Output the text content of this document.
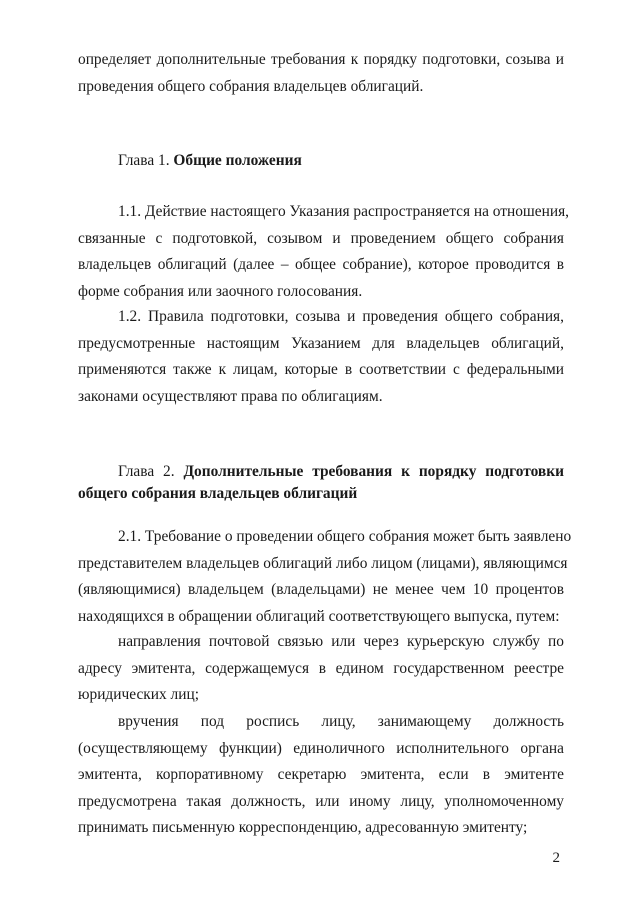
определяет дополнительные требования к порядку подготовки, созыва и
проведения общего собрания владельцев облигаций.
Глава 1. Общие положения
1.1. Действие настоящего Указания распространяется на отношения,
связанные с подготовкой, созывом и проведением общего собрания
владельцев облигаций (далее – общее собрание), которое проводится в
форме собрания или заочного голосования.
1.2. Правила подготовки, созыва и проведения общего собрания,
предусмотренные настоящим Указанием для владельцев облигаций,
применяются также к лицам, которые в соответствии с федеральными
законами осуществляют права по облигациям.
Глава 2. Дополнительные требования к порядку подготовки
общего собрания владельцев облигаций
2.1. Требование о проведении общего собрания может быть заявлено
представителем владельцев облигаций либо лицом (лицами), являющимся
(являющимися) владельцем (владельцами) не менее чем 10 процентов
находящихся в обращении облигаций соответствующего выпуска, путем:
направления почтовой связью или через курьерскую службу по
адресу эмитента, содержащемуся в едином государственном реестре
юридических лиц;
вручения под роспись лицу, занимающему должность
(осуществляющему функции) единоличного исполнительного органа
эмитента, корпоративному секретарю эмитента, если в эмитенте
предусмотрена такая должность, или иному лицу, уполномоченному
принимать письменную корреспонденцию, адресованную эмитенту;
2
